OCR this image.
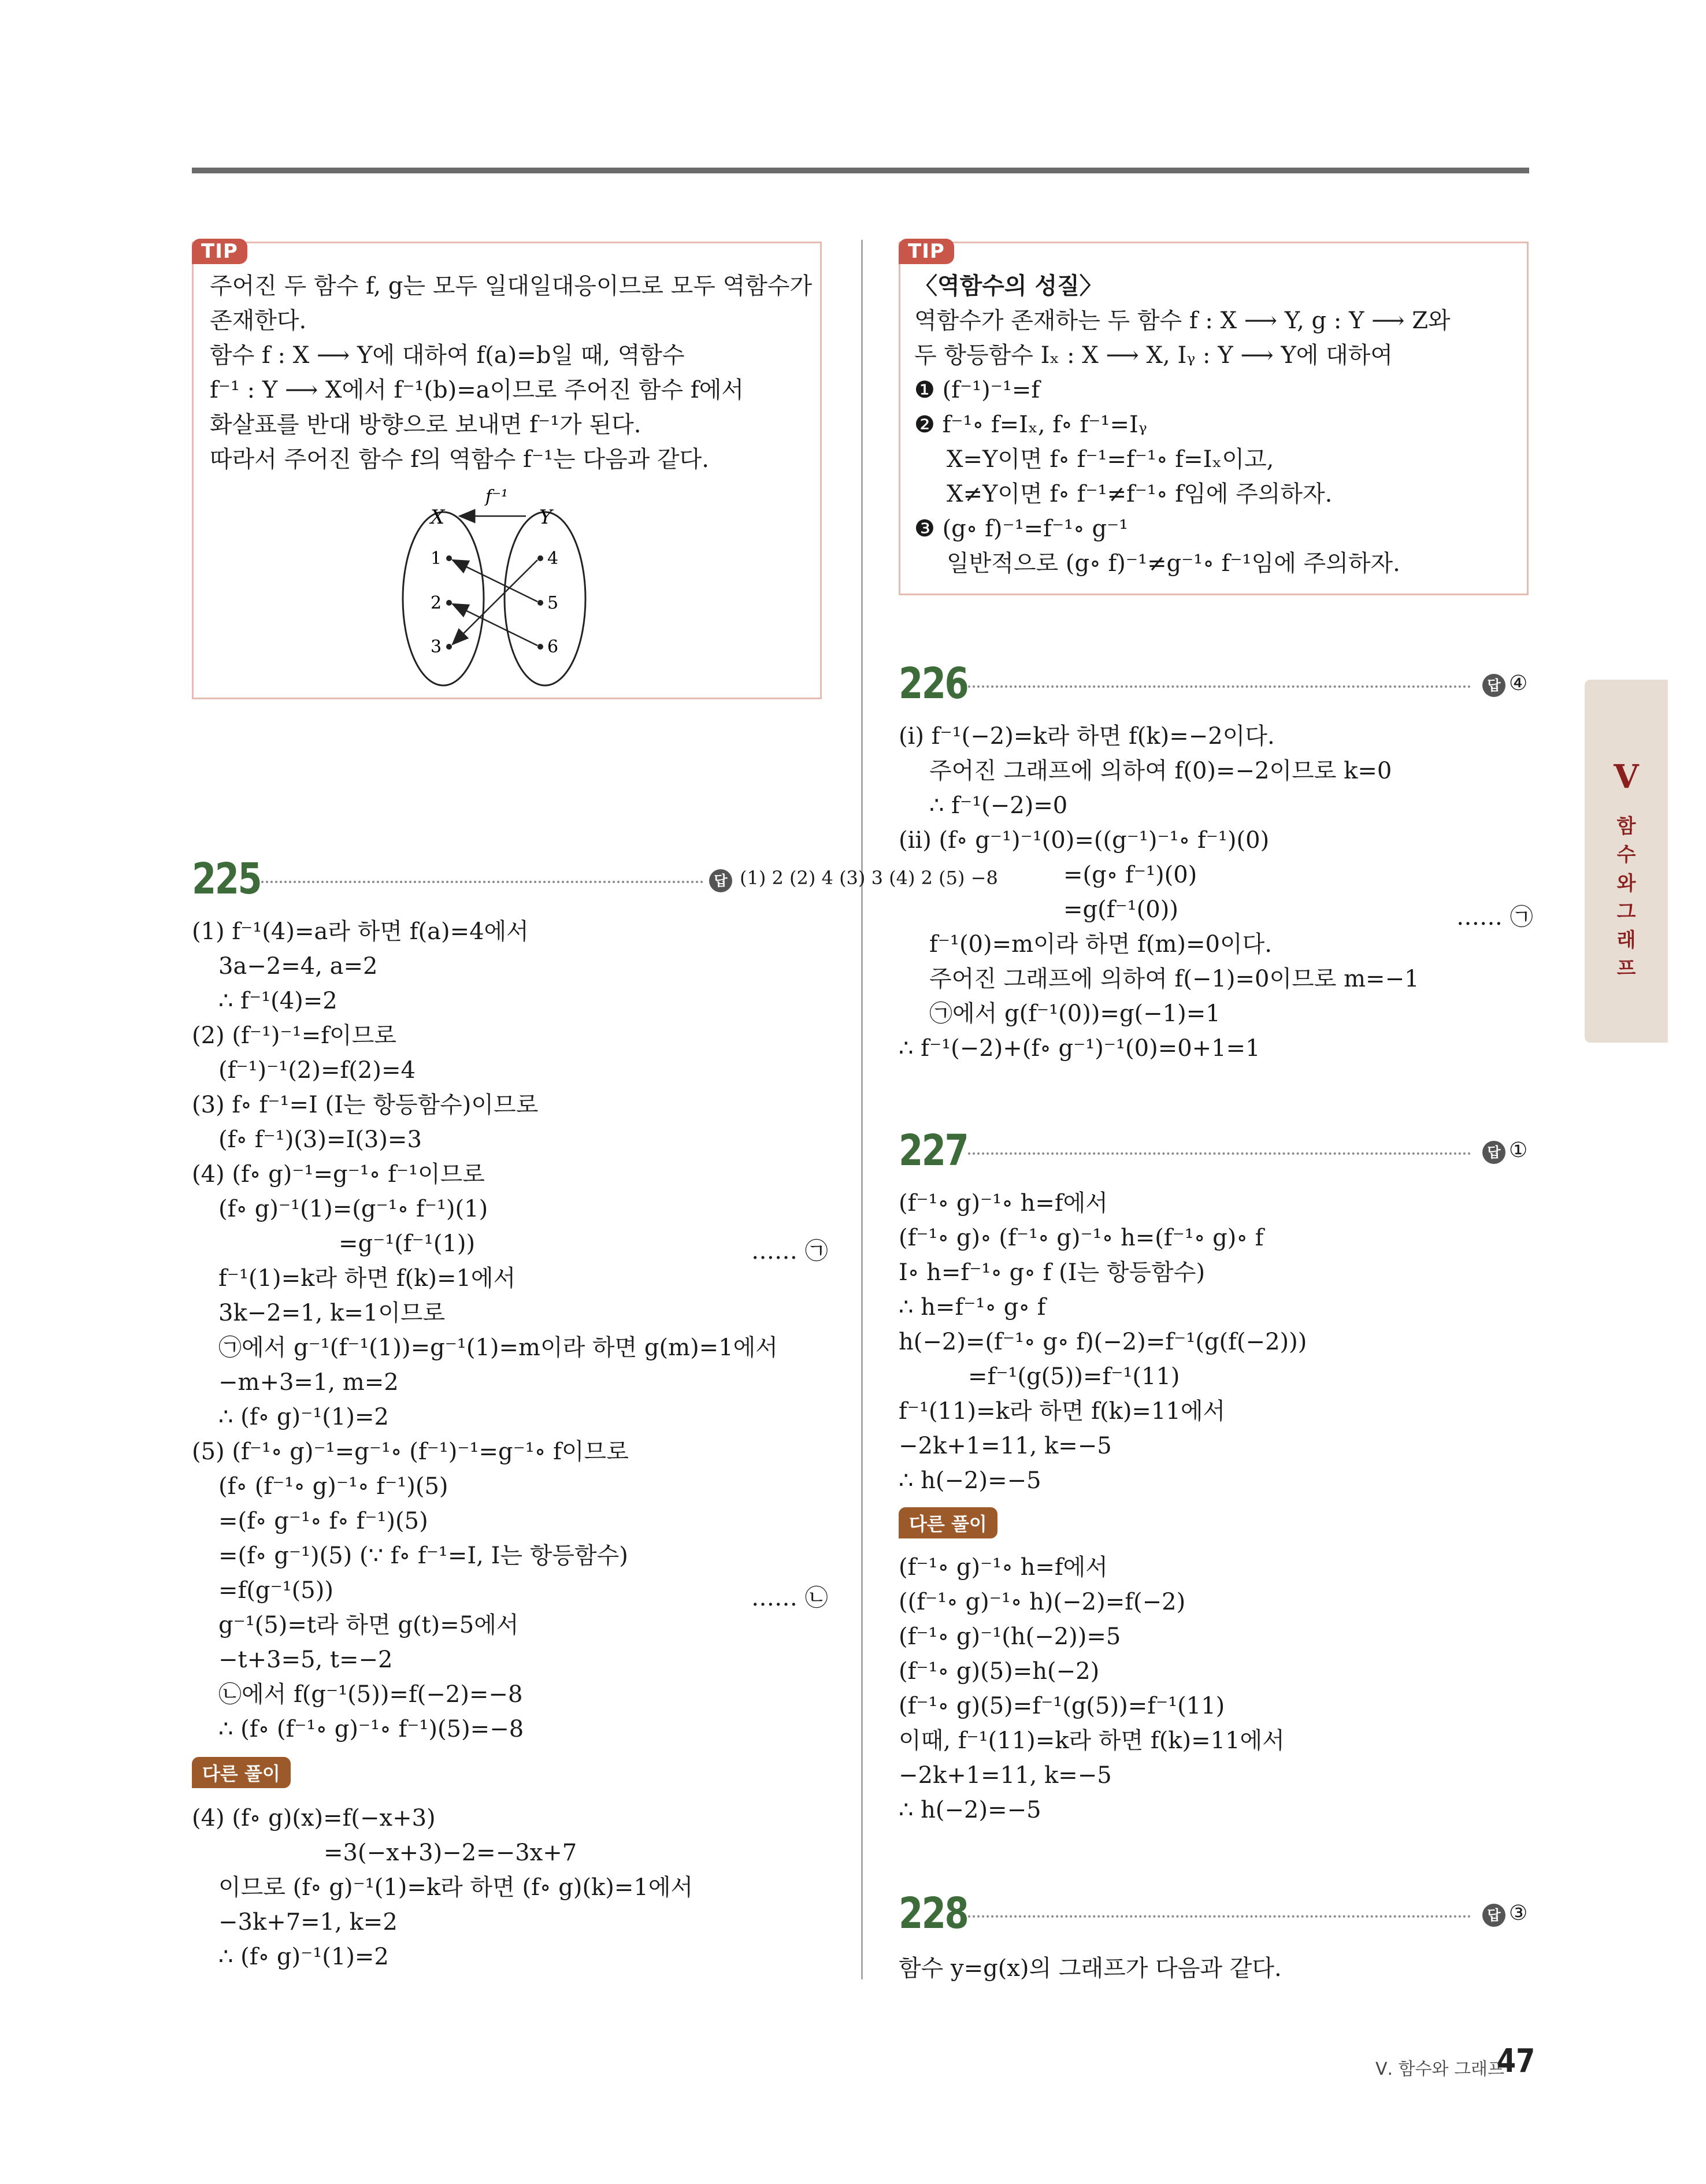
TIP
주어진 두 함수 f, g는 모두 일대일대응이므로 모두 역함수가
존재한다.
함수 f : X ⟶ Y에 대하여 f(a)=b일 때, 역함수
f⁻¹ : Y ⟶ X에서 f⁻¹(b)=a이므로 주어진 함수 f에서
화살표를 반대 방향으로 보내면 f⁻¹가 된다.
따라서 주어진 함수 f의 역함수 f⁻¹는 다음과 같다.
f⁻¹
X	Y
1
2
3
4
5
6
TIP
〈역함수의 성질〉
역함수가 존재하는 두 함수 f : X ⟶ Y, g : Y ⟶ Z와
두 항등함수 Iₓ : X ⟶ X, Iᵧ : Y ⟶ Y에 대하여
❶ (f⁻¹)⁻¹=f
❷ f⁻¹∘ f=Iₓ, f∘ f⁻¹=Iᵧ
X=Y이면 f∘ f⁻¹=f⁻¹∘ f=Iₓ이고,
X≠Y이면 f∘ f⁻¹≠f⁻¹∘ f임에 주의하자.
❸ (g∘ f)⁻¹=f⁻¹∘ g⁻¹
일반적으로 (g∘ f)⁻¹≠g⁻¹∘ f⁻¹임에 주의하자.
225	답 (1) 2 (2) 4 (3) 3 (4) 2 (5) −8
(1) f⁻¹(4)=a라 하면 f(a)=4에서
3a−2=4, a=2
∴ f⁻¹(4)=2
(2) (f⁻¹)⁻¹=f이므로
(f⁻¹)⁻¹(2)=f(2)=4
(3) f∘ f⁻¹=I (I는 항등함수)이므로
(f∘ f⁻¹)(3)=I(3)=3
(4) (f∘ g)⁻¹=g⁻¹∘ f⁻¹이므로
(f∘ g)⁻¹(1)=(g⁻¹∘ f⁻¹)(1)
=g⁻¹(f⁻¹(1))	…… ㉠
f⁻¹(1)=k라 하면 f(k)=1에서
3k−2=1, k=1이므로
㉠에서 g⁻¹(f⁻¹(1))=g⁻¹(1)=m이라 하면 g(m)=1에서
−m+3=1, m=2
∴ (f∘ g)⁻¹(1)=2
(5) (f⁻¹∘ g)⁻¹=g⁻¹∘ (f⁻¹)⁻¹=g⁻¹∘ f이므로
(f∘ (f⁻¹∘ g)⁻¹∘ f⁻¹)(5)
=(f∘ g⁻¹∘ f∘ f⁻¹)(5)
=(f∘ g⁻¹)(5) (∵ f∘ f⁻¹=I, I는 항등함수)
=f(g⁻¹(5))	…… ㉡
g⁻¹(5)=t라 하면 g(t)=5에서
−t+3=5, t=−2
㉡에서 f(g⁻¹(5))=f(−2)=−8
∴ (f∘ (f⁻¹∘ g)⁻¹∘ f⁻¹)(5)=−8
다른 풀이
(4) (f∘ g)(x)=f(−x+3)
=3(−x+3)−2=−3x+7
이므로 (f∘ g)⁻¹(1)=k라 하면 (f∘ g)(k)=1에서
−3k+7=1, k=2
∴ (f∘ g)⁻¹(1)=2
226	답 ④
(ⅰ) f⁻¹(−2)=k라 하면 f(k)=−2이다.
주어진 그래프에 의하여 f(0)=−2이므로 k=0
∴ f⁻¹(−2)=0
(ⅱ) (f∘ g⁻¹)⁻¹(0)=((g⁻¹)⁻¹∘ f⁻¹)(0)
=(g∘ f⁻¹)(0)
=g(f⁻¹(0))	…… ㉠
f⁻¹(0)=m이라 하면 f(m)=0이다.
주어진 그래프에 의하여 f(−1)=0이므로 m=−1
㉠에서 g(f⁻¹(0))=g(−1)=1
∴ f⁻¹(−2)+(f∘ g⁻¹)⁻¹(0)=0+1=1
227	답 ①
(f⁻¹∘ g)⁻¹∘ h=f에서
(f⁻¹∘ g)∘ (f⁻¹∘ g)⁻¹∘ h=(f⁻¹∘ g)∘ f
I∘ h=f⁻¹∘ g∘ f (I는 항등함수)
∴ h=f⁻¹∘ g∘ f
h(−2)=(f⁻¹∘ g∘ f)(−2)=f⁻¹(g(f(−2)))
=f⁻¹(g(5))=f⁻¹(11)
f⁻¹(11)=k라 하면 f(k)=11에서
−2k+1=11, k=−5
∴ h(−2)=−5
다른 풀이
(f⁻¹∘ g)⁻¹∘ h=f에서
((f⁻¹∘ g)⁻¹∘ h)(−2)=f(−2)
(f⁻¹∘ g)⁻¹(h(−2))=5
(f⁻¹∘ g)(5)=h(−2)
(f⁻¹∘ g)(5)=f⁻¹(g(5))=f⁻¹(11)
이때, f⁻¹(11)=k라 하면 f(k)=11에서
−2k+1=11, k=−5
∴ h(−2)=−5
228	답 ③
함수 y=g(x)의 그래프가 다음과 같다.
V
함
수
와
그
래
프
Ⅴ. 함수와 그래프
47
